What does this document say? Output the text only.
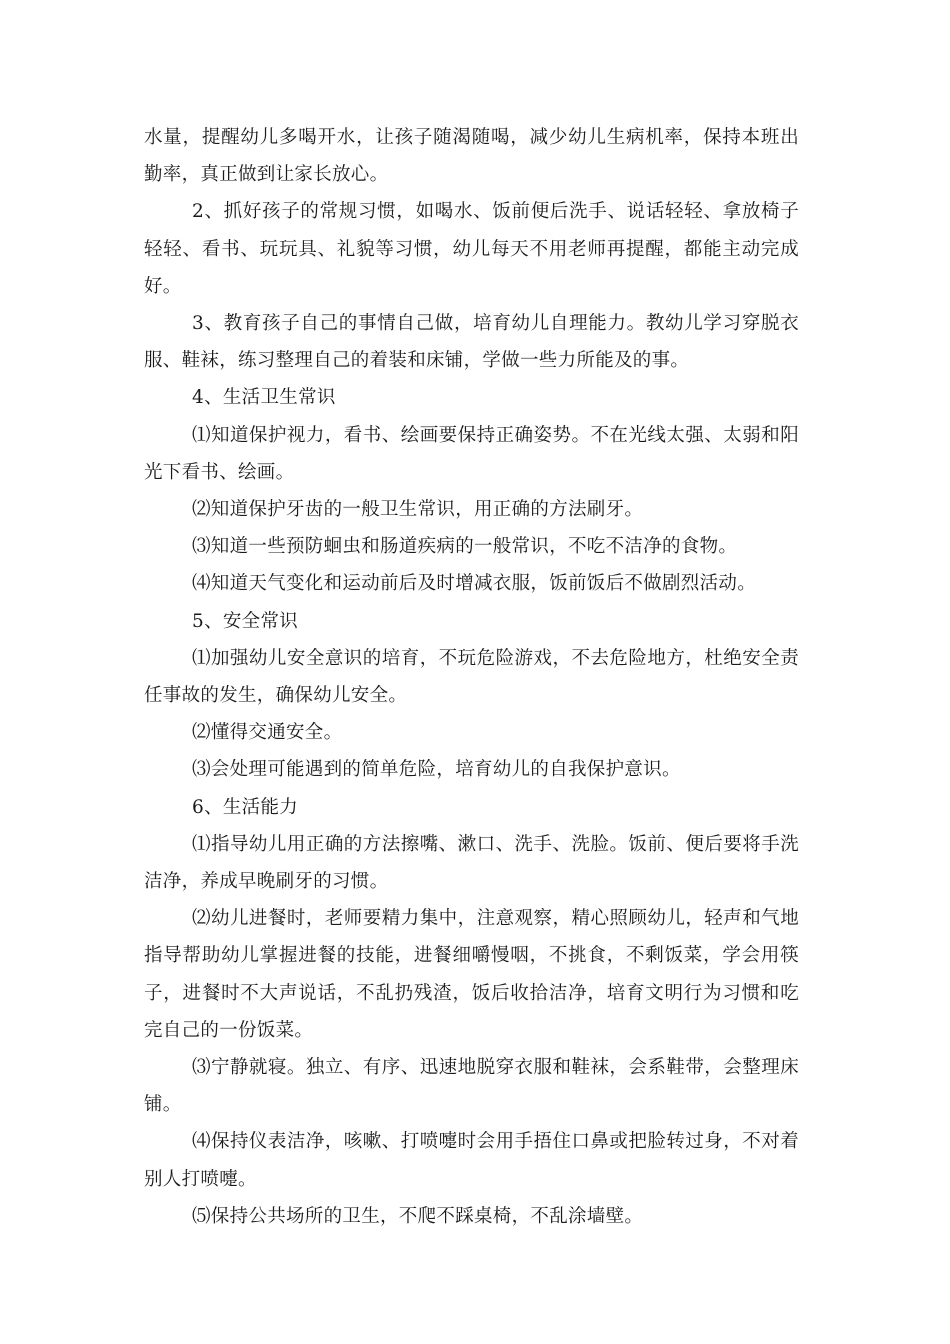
水量，提醒幼儿多喝开水，让孩子随渴随喝，减少幼儿生病机率，保持本班出勤率，真正做到让家长放心。

2、抓好孩子的常规习惯，如喝水、饭前便后洗手、说话轻轻、拿放椅子轻轻、看书、玩玩具、礼貌等习惯，幼儿每天不用老师再提醒，都能主动完成好。

3、教育孩子自己的事情自己做，培育幼儿自理能力。教幼儿学习穿脱衣服、鞋袜，练习整理自己的着装和床铺，学做一些力所能及的事。

4、生活卫生常识

⑴知道保护视力，看书、绘画要保持正确姿势。不在光线太强、太弱和阳光下看书、绘画。

⑵知道保护牙齿的一般卫生常识，用正确的方法刷牙。

⑶知道一些预防蛔虫和肠道疾病的一般常识，不吃不洁净的食物。

⑷知道天气变化和运动前后及时增减衣服，饭前饭后不做剧烈活动。

5、安全常识

⑴加强幼儿安全意识的培育，不玩危险游戏，不去危险地方，杜绝安全责任事故的发生，确保幼儿安全。

⑵懂得交通安全。

⑶会处理可能遇到的简单危险，培育幼儿的自我保护意识。

6、生活能力

⑴指导幼儿用正确的方法擦嘴、漱口、洗手、洗脸。饭前、便后要将手洗洁净，养成早晚刷牙的习惯。

⑵幼儿进餐时，老师要精力集中，注意观察，精心照顾幼儿，轻声和气地指导帮助幼儿掌握进餐的技能，进餐细嚼慢咽，不挑食，不剩饭菜，学会用筷子，进餐时不大声说话，不乱扔残渣，饭后收拾洁净，培育文明行为习惯和吃完自己的一份饭菜。

⑶宁静就寝。独立、有序、迅速地脱穿衣服和鞋袜，会系鞋带，会整理床铺。

⑷保持仪表洁净，咳嗽、打喷嚏时会用手捂住口鼻或把脸转过身，不对着别人打喷嚏。

⑸保持公共场所的卫生，不爬不踩桌椅，不乱涂墙壁。
